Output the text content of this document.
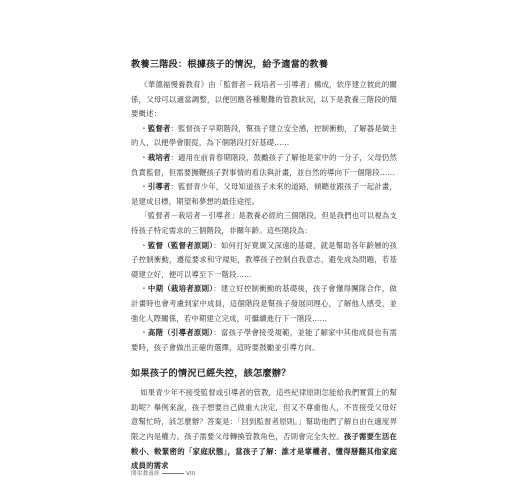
教養三階段：根據孩子的情況，給予適當的教養

《華德福慢養教育》由「監督者－栽培者－引導者」構成，依序建立彼此的關係，父母可以適當調整，以便回應各種艱難的管教狀況，以下是教養三階段的簡要概述：

・監督者：監督孩子早期階段，幫孩子建立安全感，控制衝動，了解器是做主的人，以便學會服從，為下個階段打好基礎……

・栽培者：適用在前青春期階段，鼓勵孩子了解他是家中的一分子，父母仍然負責監督，但需要撫鞭孩子對事情的看法與計畫，並自然的導向下一個階段……

・引導者：監督青少年，父母知道孩子未來的道路，傾聽並跟孩子一起計畫，是建成目標，期望和夢想的最佳途徑。

「監督者－栽培者－引導者」是教養必經的三個階段，但是我們也可以視為支持孩子特定需求的三個階段，非關年齡。這些階段為：

・監督（監督者原則）：如何打好寬廣又深遠的基礎，就是幫助各年齡層的孩子控制衝動，遵從要求和守規矩，教導孩子控制自我意志，避免成為問題，若基礎建立好，便可以導至下一階段……

・中期（栽培者原則）：建立好控制衝動的基礎後，孩子會懂得團隊合作，做計畫時也會考慮到家中成員，這個階段是幫孩子發展同理心，了解他人感受，並強化人際關係，若中期建立完成，可繼續進行下一階段……

・高階（引導者原則）：當孩子學會接受規範，並能了解家中其他成員也有需要時，孩子會做出正確的選擇，這時要鼓勵並引導方向。

如果孩子的情況已經失控，該怎麼辦？

如果青少年不接受監督或引導者的管教，這些紀律原則怎能給我們實質上的幫助呢？舉例來說，孩子想要自己做重大決定，但又不尊重他人，不肯接受父母好意幫忙時，該怎麼辦？答案是：「回到監督者原則。」幫助他們了解自由在適度界限之內是權力。孩子需要父母轉換管教角色，否則會完全失控。孩子需要生活在較小、較緊密的「家庭狀態」，當孩子了解：誰才是掌權者、懂得掰翻其他家庭成員的需求

開渠教養經	VIII
